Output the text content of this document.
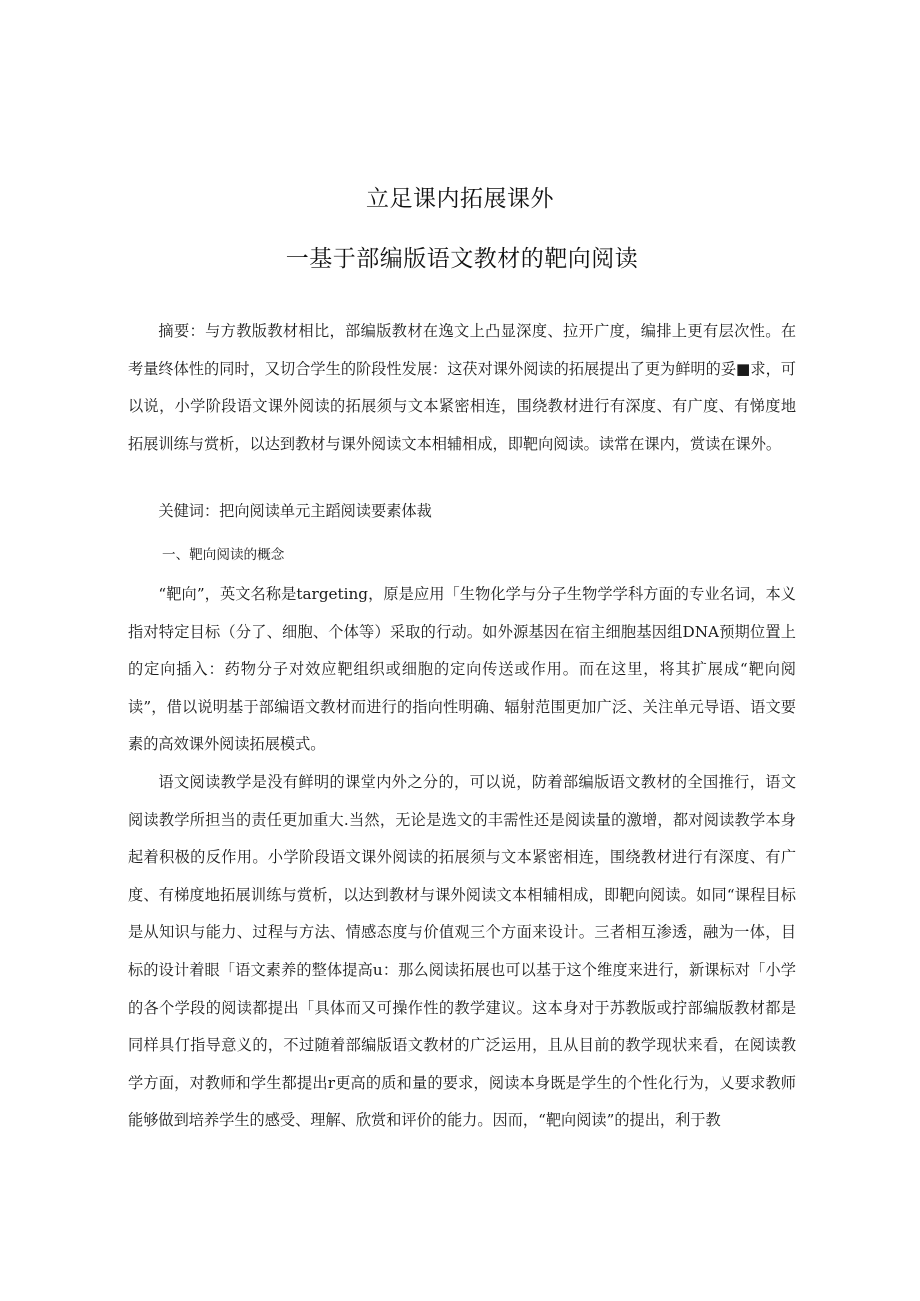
立足课内拓展课外
一基于部编版语文教材的靶向阅读

摘要：与方教版教材相比，部编版教材在逸文上凸显深度、拉开广度，编排上更有层次性。在考量终体性的同时，又切合学生的阶段性发展：这茯对课外阅读的拓展提出了更为鲜明的妥■求，可以说，小学阶段语文课外阅读的拓展须与文本紧密相连，围绕教材进行有深度、有广度、有悌度地拓展训练与赏析，以达到教材与课外阅读文本相辅相成，即靶向阅读。读常在课内，赏读在课外。

关健词：把向阅读单元主蹈阅读要素体裁

一、靶向阅读的概念

“靶向”，英文名称是targeting，原是应用「生物化学与分子生物学学科方面的专业名词，本义指对特定目标（分了、细胞、个体等）采取的行动。如外源基因在宿主细胞基因组DNA预期位置上的定向插入：药物分子对效应靶组织或细胞的定向传送或作用。而在这里，将其扩展成“靶向阅读”，借以说明基于部编语文教材而进行的指向性明确、辐射范围更加广泛、关注单元导语、语文要素的高效课外阅读拓展模式。

语文阅读教学是没有鲜明的课堂内外之分的，可以说，防着部编版语文教材的全国推行，语文阅读教学所担当的责任更加重大.当然，无论是选文的丰需性还是阅读量的激增，都对阅读教学本身起着积极的反作用。小学阶段语文课外阅读的拓展须与文本紧密相连，围绕教材进行有深度、有广度、有梯度地拓展训练与赏析，以达到教材与课外阅读文本相辅相成，即靶向阅读。如同“课程目标是从知识与能力、过程与方法、情感态度与价值观三个方面来设计。三者相互渗透，融为一体，目标的设计着眼「语文素养的整体提高u：那么阅读拓展也可以基于这个维度来进行，新课标对「小学的各个学段的阅读都提出「具体而又可操作性的教学建议。这本身对于苏教版或拧部编版教材都是同样具仃指导意义的，不过随着部编版语文教材的广泛运用，且从目前的教学现状来看，在阅读教学方面，对教师和学生都提出r更高的质和量的要求，阅读本身既是学生的个性化行为，乂要求教师能够做到培养学生的感受、理解、欣赏和评价的能力。因而，“靶向阅读”的提出，利于教
